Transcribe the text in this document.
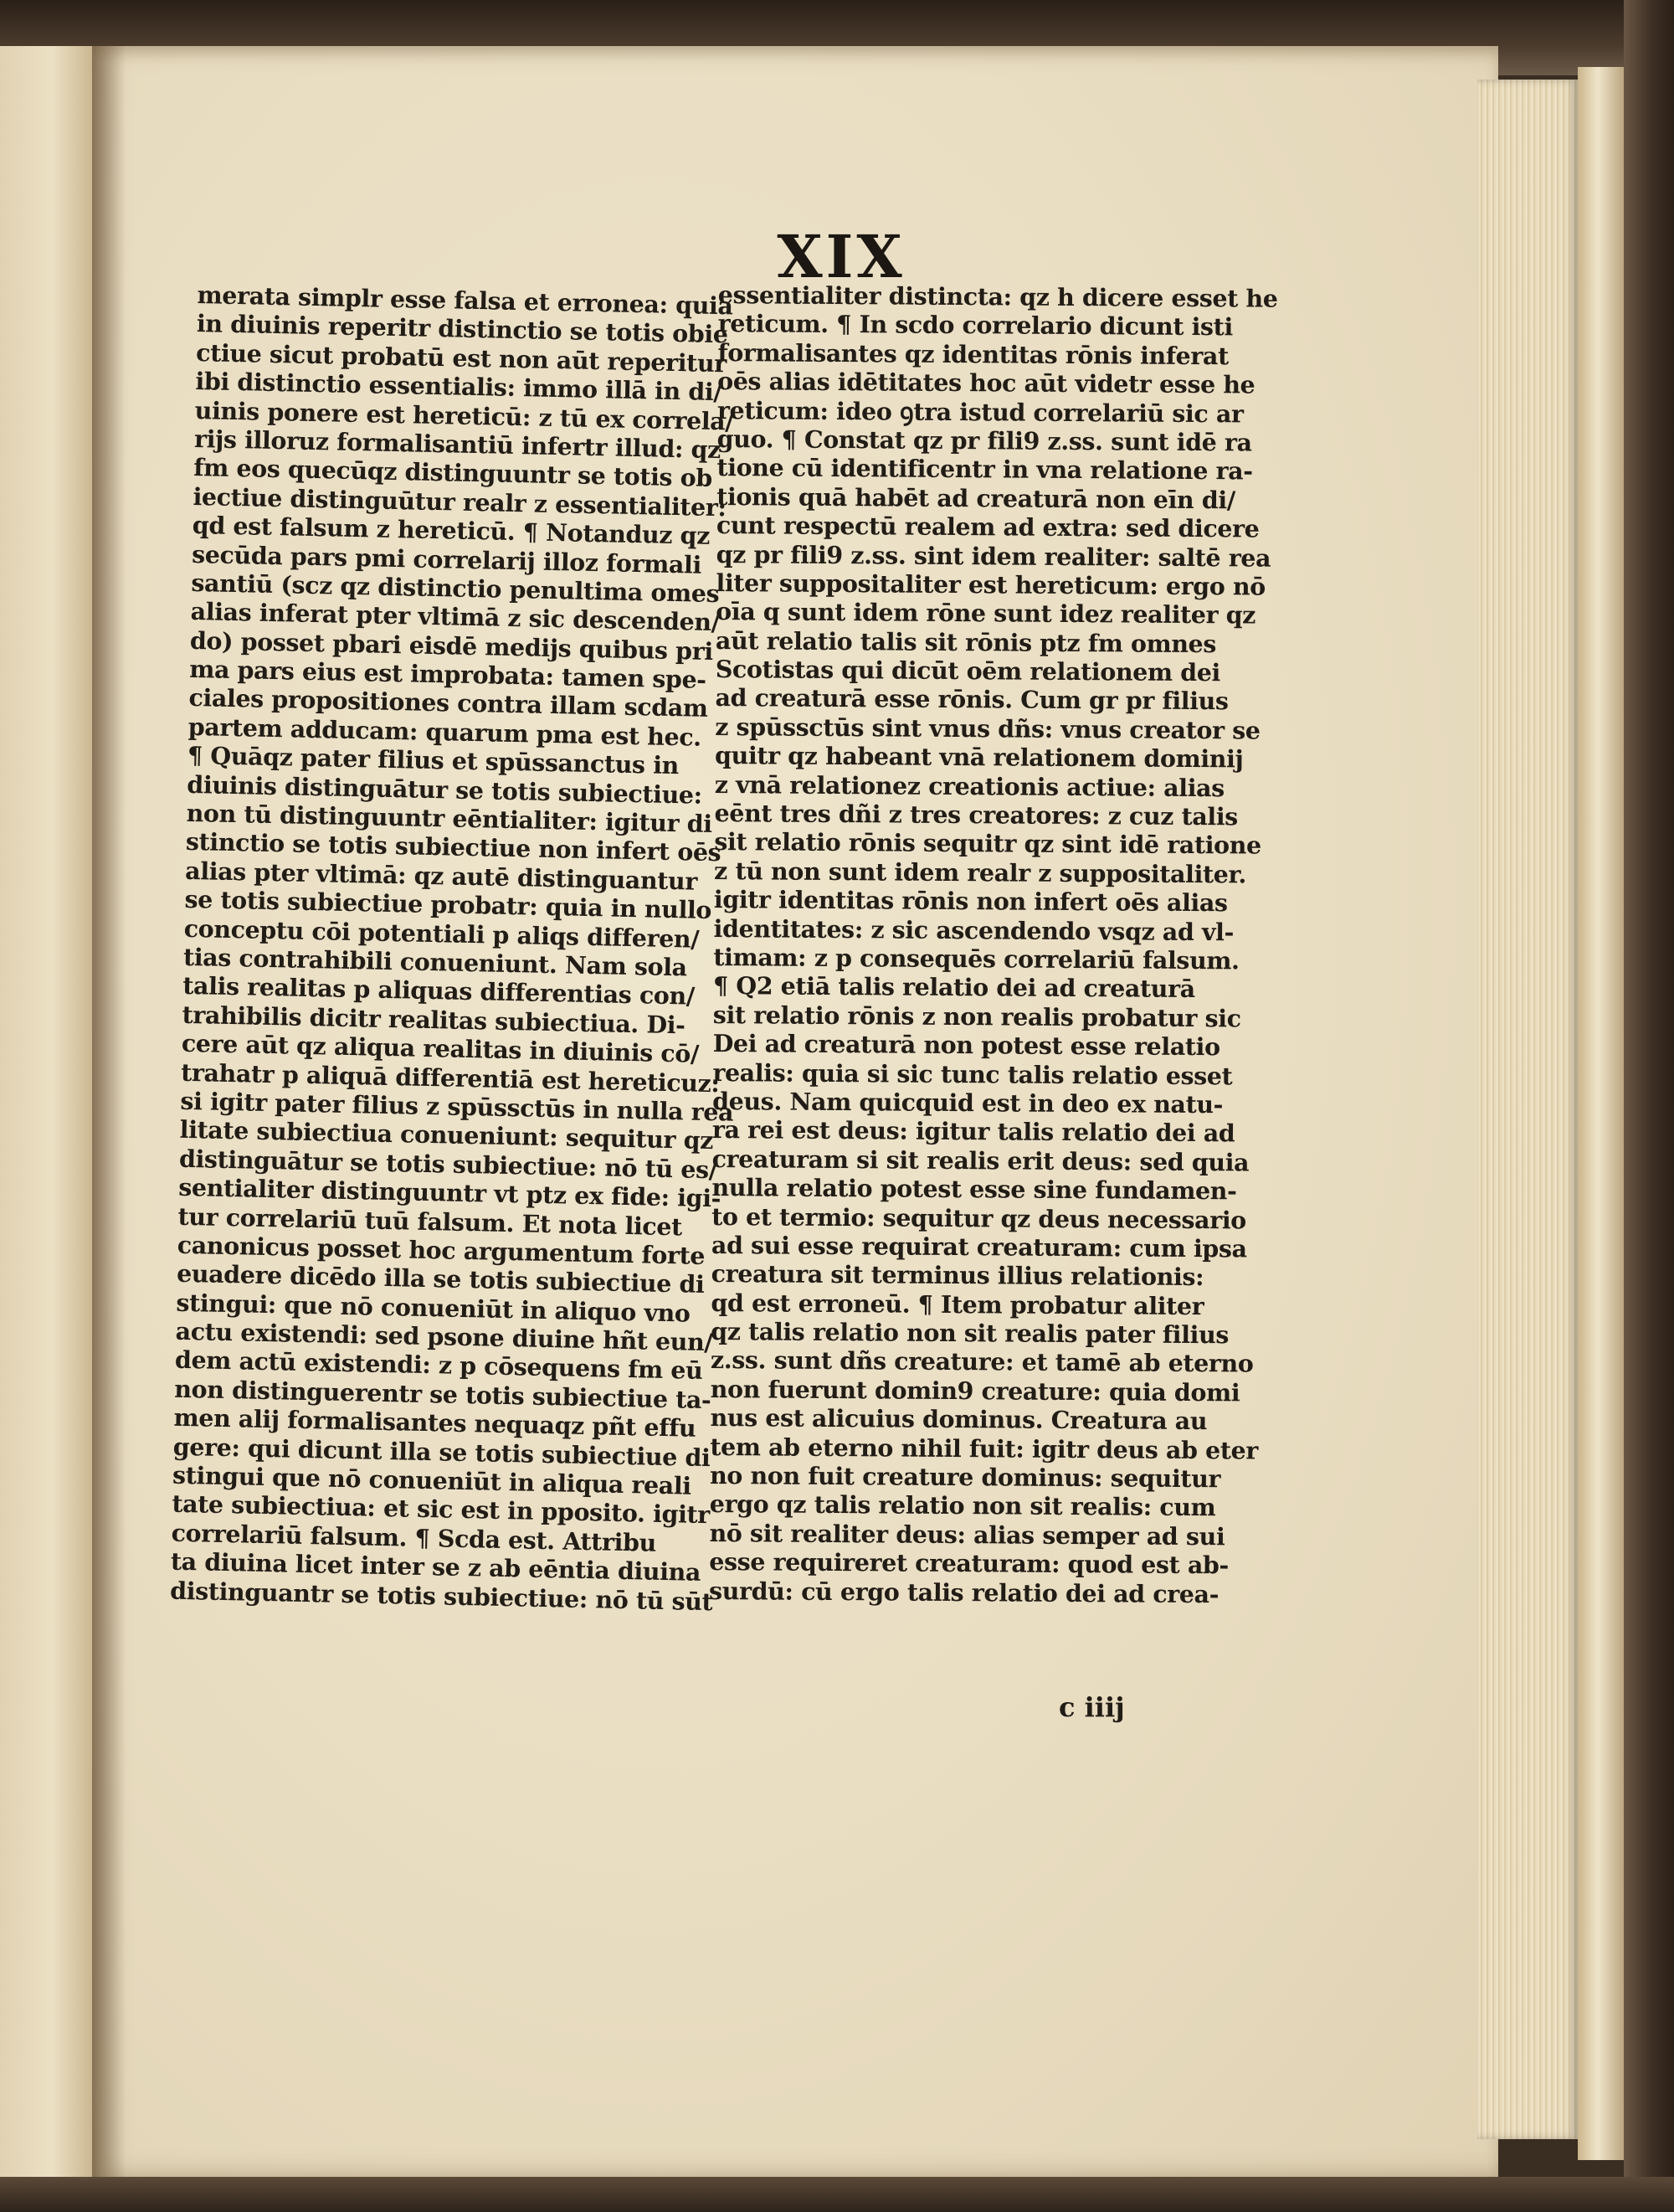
XIX
merata simplr esse falsa et erronea: quia
in diuinis reperitr distinctio se totis obie
ctiue sicut probatū est non aūt reperitur
ibi distinctio essentialis: immo illā in di/
uinis ponere est hereticū: z tū ex correla/
rijs illoruz formalisantiū infertr illud: qz
fm eos quecūqz distinguuntr se totis ob
iectiue distinguūtur realr z essentialiter:
qd est falsum z hereticū. ¶ Notanduz qz
secūda pars pmi correlarij illoz formali
santiū (scz qz distinctio penultima omes
alias inferat pter vltimā z sic descenden/
do) posset pbari eisdē medijs quibus pri
ma pars eius est improbata: tamen spe-
ciales propositiones contra illam scdam
partem adducam: quarum pma est hec.
¶ Quāqz pater filius et spūssanctus in
diuinis distinguātur se totis subiectiue:
non tū distinguuntr eēntialiter: igitur di
stinctio se totis subiectiue non infert oēs
alias pter vltimā: qz autē distinguantur
se totis subiectiue probatr: quia in nullo
conceptu cōi potentiali p aliqs differen/
tias contrahibili conueniunt. Nam sola
talis realitas p aliquas differentias con/
trahibilis dicitr realitas subiectiua. Di-
cere aūt qz aliqua realitas in diuinis cō/
trahatr p aliquā differentiā est hereticuz:
si igitr pater filius z spūssctūs in nulla rea
litate subiectiua conueniunt: sequitur qz
distinguātur se totis subiectiue: nō tū es/
sentialiter distinguuntr vt ptz ex fide: igi-
tur correlariū tuū falsum. Et nota licet
canonicus posset hoc argumentum forte
euadere dicēdo illa se totis subiectiue di
stingui: que nō conueniūt in aliquo vno
actu existendi: sed psone diuine hñt eun/
dem actū existendi: z p cōsequens fm eū
non distinguerentr se totis subiectiue ta-
men alij formalisantes nequaqz pñt effu
gere: qui dicunt illa se totis subiectiue di
stingui que nō conueniūt in aliqua reali
tate subiectiua: et sic est in pposito. igitr
correlariū falsum. ¶ Scda est. Attribu
ta diuina licet inter se z ab eēntia diuina
distinguantr se totis subiectiue: nō tū sūt
essentialiter distincta: qz h dicere esset he
reticum. ¶ In scdo correlario dicunt isti
formalisantes qz identitas rōnis inferat
oēs alias idētitates hoc aūt videtr esse he
reticum: ideo ꝯtra istud correlariū sic ar
guo. ¶ Constat qz pr fili9 z.ss. sunt idē ra
tione cū identificentr in vna relatione ra-
tionis quā habēt ad creaturā non eīn di/
cunt respectū realem ad extra: sed dicere
qz pr fili9 z.ss. sint idem realiter: saltē rea
liter suppositaliter est hereticum: ergo nō
oīa q sunt idem rōne sunt idez realiter qz
aūt relatio talis sit rōnis ptz fm omnes
Scotistas qui dicūt oēm relationem dei
ad creaturā esse rōnis. Cum gr pr filius
z spūssctūs sint vnus dñs: vnus creator se
quitr qz habeant vnā relationem dominij
z vnā relationez creationis actiue: alias
eēnt tres dñi z tres creatores: z cuz talis
sit relatio rōnis sequitr qz sint idē ratione
z tū non sunt idem realr z suppositaliter.
igitr identitas rōnis non infert oēs alias
identitates: z sic ascendendo vsqz ad vl-
timam: z p consequēs correlariū falsum.
¶ Q2 etiā talis relatio dei ad creaturā
sit relatio rōnis z non realis probatur sic
Dei ad creaturā non potest esse relatio
realis: quia si sic tunc talis relatio esset
deus. Nam quicquid est in deo ex natu-
ra rei est deus: igitur talis relatio dei ad
creaturam si sit realis erit deus: sed quia
nulla relatio potest esse sine fundamen-
to et termio: sequitur qz deus necessario
ad sui esse requirat creaturam: cum ipsa
creatura sit terminus illius relationis:
qd est erroneū. ¶ Item probatur aliter
qz talis relatio non sit realis pater filius
z.ss. sunt dñs creature: et tamē ab eterno
non fuerunt domin9 creature: quia domi
nus est alicuius dominus. Creatura au
tem ab eterno nihil fuit: igitr deus ab eter
no non fuit creature dominus: sequitur
ergo qz talis relatio non sit realis: cum
nō sit realiter deus: alias semper ad sui
esse requireret creaturam: quod est ab-
surdū: cū ergo talis relatio dei ad crea-
c iiij
